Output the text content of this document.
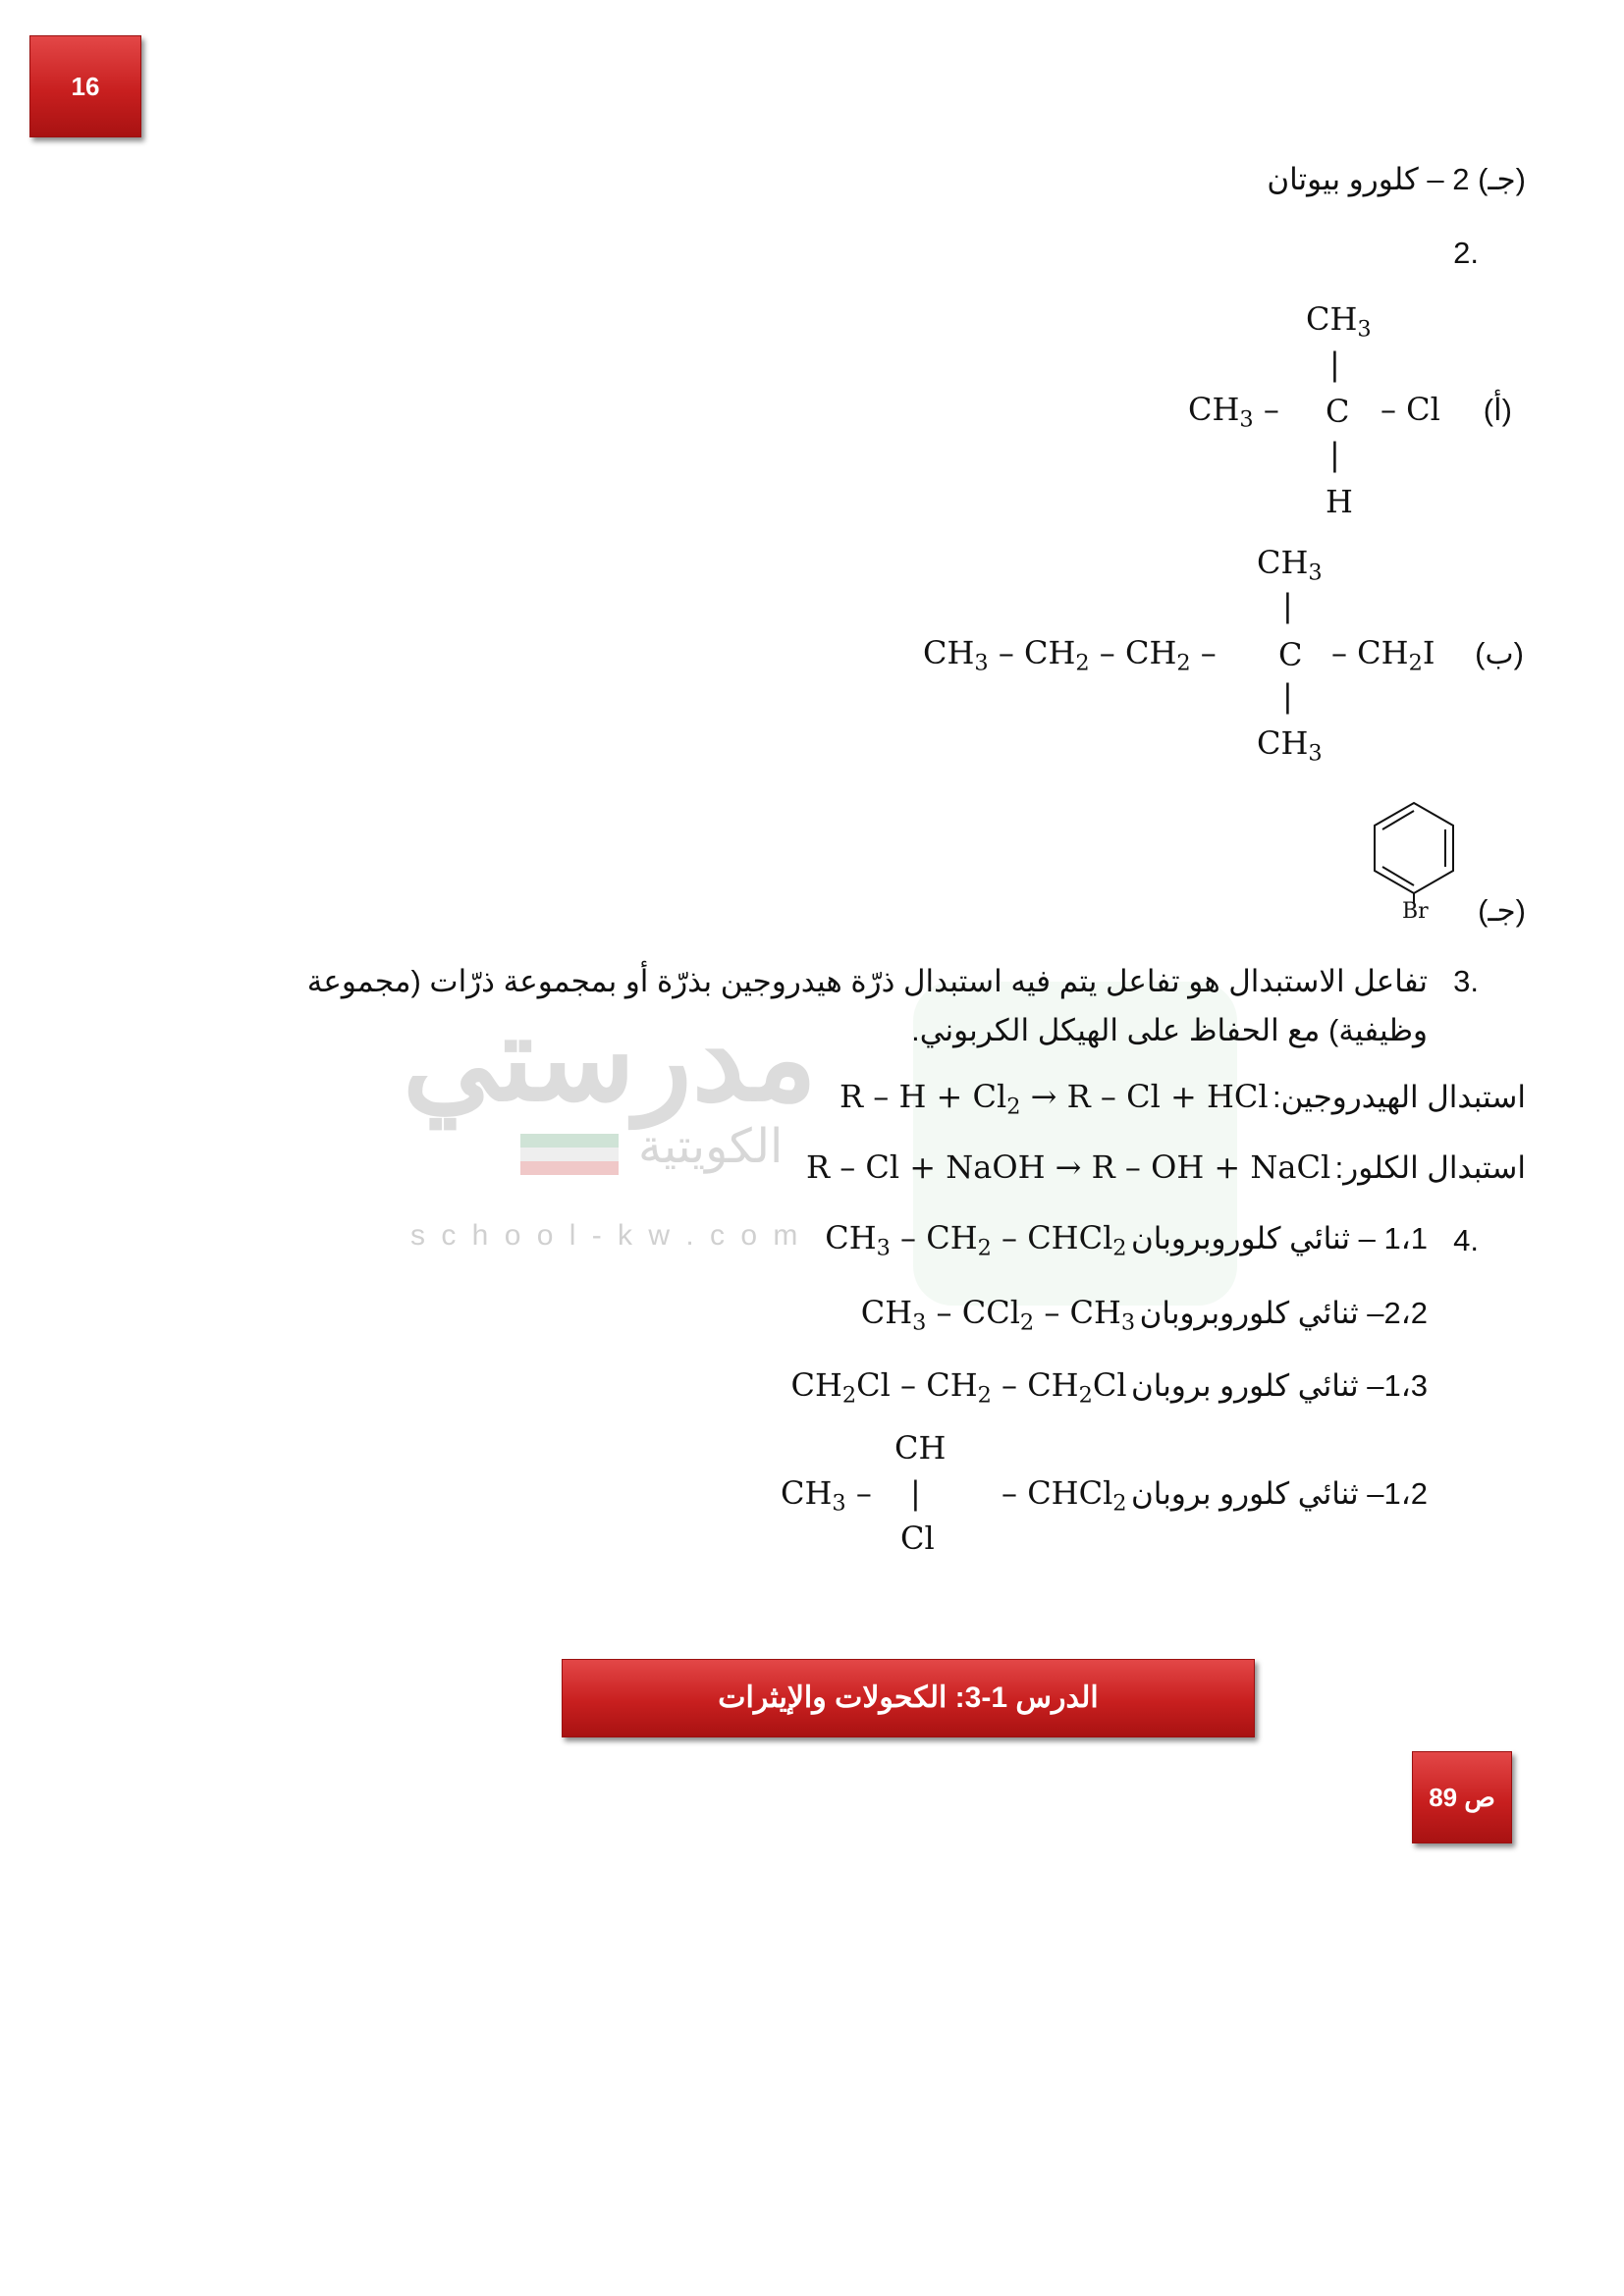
مدرستي
الكويتية
s c h o o l - k w . c o m
16
(جـ) 2 – كلورو بيوتان
.2
(أ)
$CH_3$
|
$CH_3$ – C – Cl
|
H
(ب)
$CH_3$
|
$CH_3 - CH_2 - CH_2$ – C – $CH_2I$
|
$CH_3$
(جـ)
Br
.3
تفاعل الاستبدال هو تفاعل يتم فيه استبدال ذرّة هيدروجين بذرّة أو بمجموعة ذرّات (مجموعة
وظيفية) مع الحفاظ على الهيكل الكربوني.
استبدال الهيدروجين: $R - H + Cl_2 \to R - Cl$ + HCl
استبدال الكلور: R – Cl + NaOH → R – OH + NaCl
.4
1،1 – ثنائي كلوروبروبان $CH_3 - CH_2$ – CHCl$_2$
2،2– ثنائي كلوروبروبان $CH_3 - CCl_2 - CH_3$
1،3– ثنائي كلورو بروبان $CH_2Cl - CH_2 - CH_2Cl$
1،2– ثنائي كلورو بروبان – CHCl$_2$
$CH_3$ –
CH
|
Cl
الدرس 1-3: الكحولات والإيثرات
ص 89
